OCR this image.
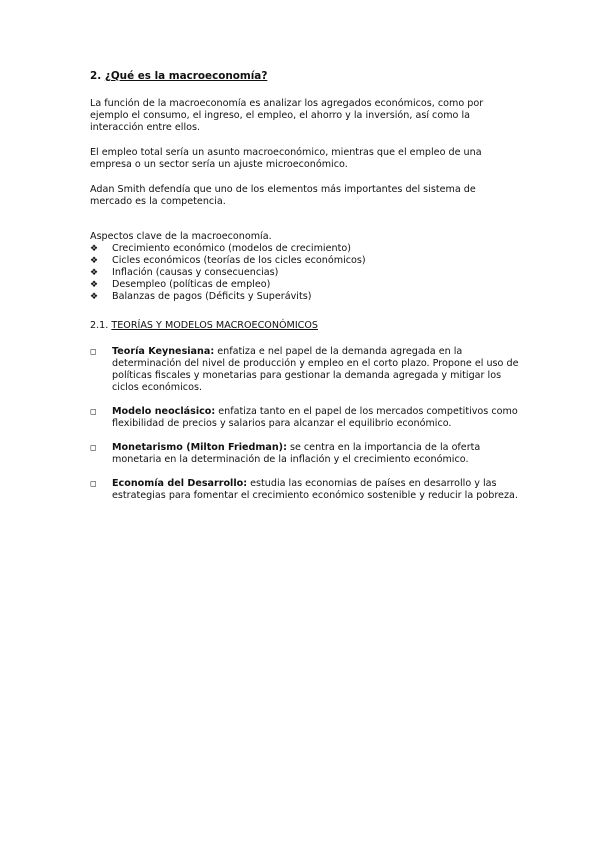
2. ¿Qué es la macroeconomía?

La función de la macroeconomía es analizar los agregados económicos, como por ejemplo el consumo, el ingreso, el empleo, el ahorro y la inversión, así como la interacción entre ellos.

El empleo total sería un asunto macroeconómico, mientras que el empleo de una empresa o un sector sería un ajuste microeconómico.

Adan Smith defendía que uno de los elementos más importantes del sistema de mercado es la competencia.

Aspectos clave de la macroeconomía.
❖ Crecimiento económico (modelos de crecimiento)
❖ Cicles económicos (teorías de los cicles económicos)
❖ Inflación (causas y consecuencias)
❖ Desempleo (políticas de empleo)
❖ Balanzas de pagos (Déficits y Superávits)
2.1. TEORÍAS Y MODELOS MACROECONÓMICOS
◻ Teoría Keynesiana: enfatiza e nel papel de la demanda agregada en la determinación del nivel de producción y empleo en el corto plazo. Propone el uso de políticas fiscales y monetarias para gestionar la demanda agregada y mitigar los ciclos económicos.
◻ Modelo neoclásico: enfatiza tanto en el papel de los mercados competitivos como flexibilidad de precios y salarios para alcanzar el equilibrio económico.
◻ Monetarismo (Milton Friedman): se centra en la importancia de la oferta monetaria en la determinación de la inflación y el crecimiento económico.
◻ Economía del Desarrollo: estudia las economias de países en desarrollo y las estrategias para fomentar el crecimiento económico sostenible y reducir la pobreza.
